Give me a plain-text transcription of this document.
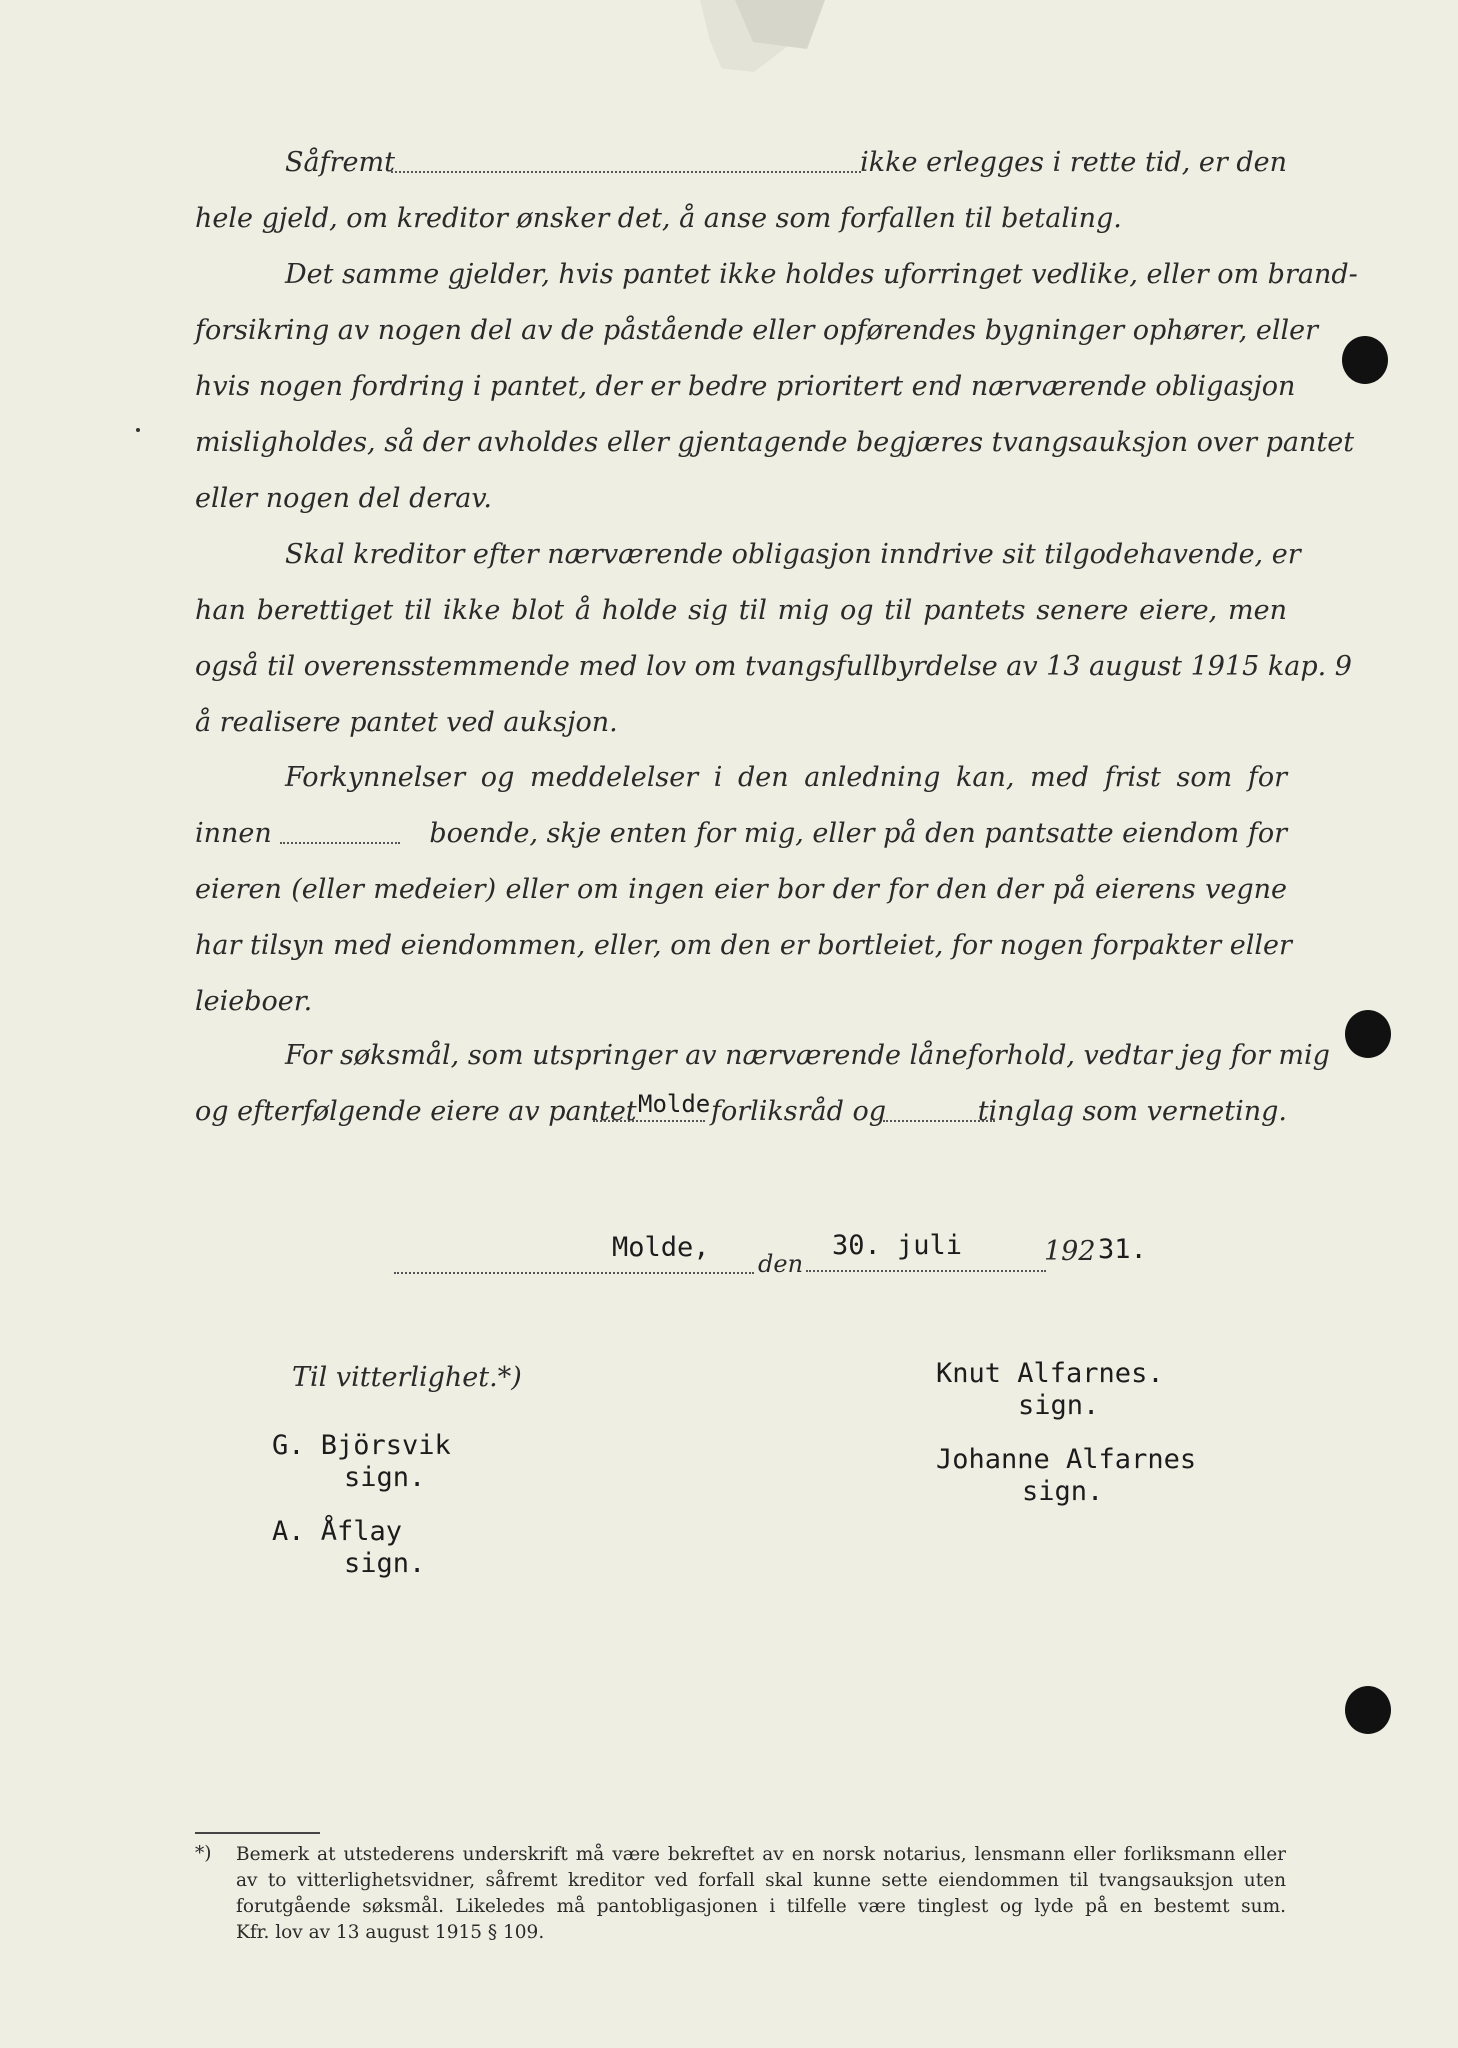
Såfremt	ikke erlegges i rette tid, er den
hele gjeld, om kreditor ønsker det, å anse som forfallen til betaling.
Det samme gjelder, hvis pantet ikke holdes uforringet vedlike, eller om brand-
forsikring av nogen del av de påstående eller opførendes bygninger ophører, eller
hvis nogen fordring i pantet, der er bedre prioritert end nærværende obligasjon
misligholdes, så der avholdes eller gjentagende begjæres tvangsauksjon over pantet
eller nogen del derav.
Skal kreditor efter nærværende obligasjon inndrive sit tilgodehavende, er
han berettiget til ikke blot å holde sig til mig og til pantets senere eiere, men
også til overensstemmende med lov om tvangsfullbyrdelse av 13 august 1915 kap. 9
å realisere pantet ved auksjon.
Forkynnelser og meddelelser i den anledning kan, med frist som for
innen	boende, skje enten for mig, eller på den pantsatte eiendom for
eieren (eller medeier) eller om ingen eier bor der for den der på eierens vegne
har tilsyn med eiendommen, eller, om den er bortleiet, for nogen forpakter eller
leieboer.
For søksmål, som utspringer av nærværende låneforhold, vedtar jeg for mig
og efterfølgende eiere av pantet Molde forliksråd og	tinglag som verneting.
Molde,
den
30. juli	192 31.
Til vitterlighet.*)
G. Björsvik
sign.
A. Åflay
sign.
Knut Alfarnes.
sign.
Johanne Alfarnes
sign.
*) Bemerk at utstederens underskrift må være bekreftet av en norsk notarius, lensmann eller forliksmann eller
av to vitterlighetsvidner, såfremt kreditor ved forfall skal kunne sette eiendommen til tvangsauksjon uten
forutgående søksmål. Likeledes må pantobligasjonen i tilfelle være tinglest og lyde på en bestemt sum.
Kfr. lov av 13 august 1915 § 109.
